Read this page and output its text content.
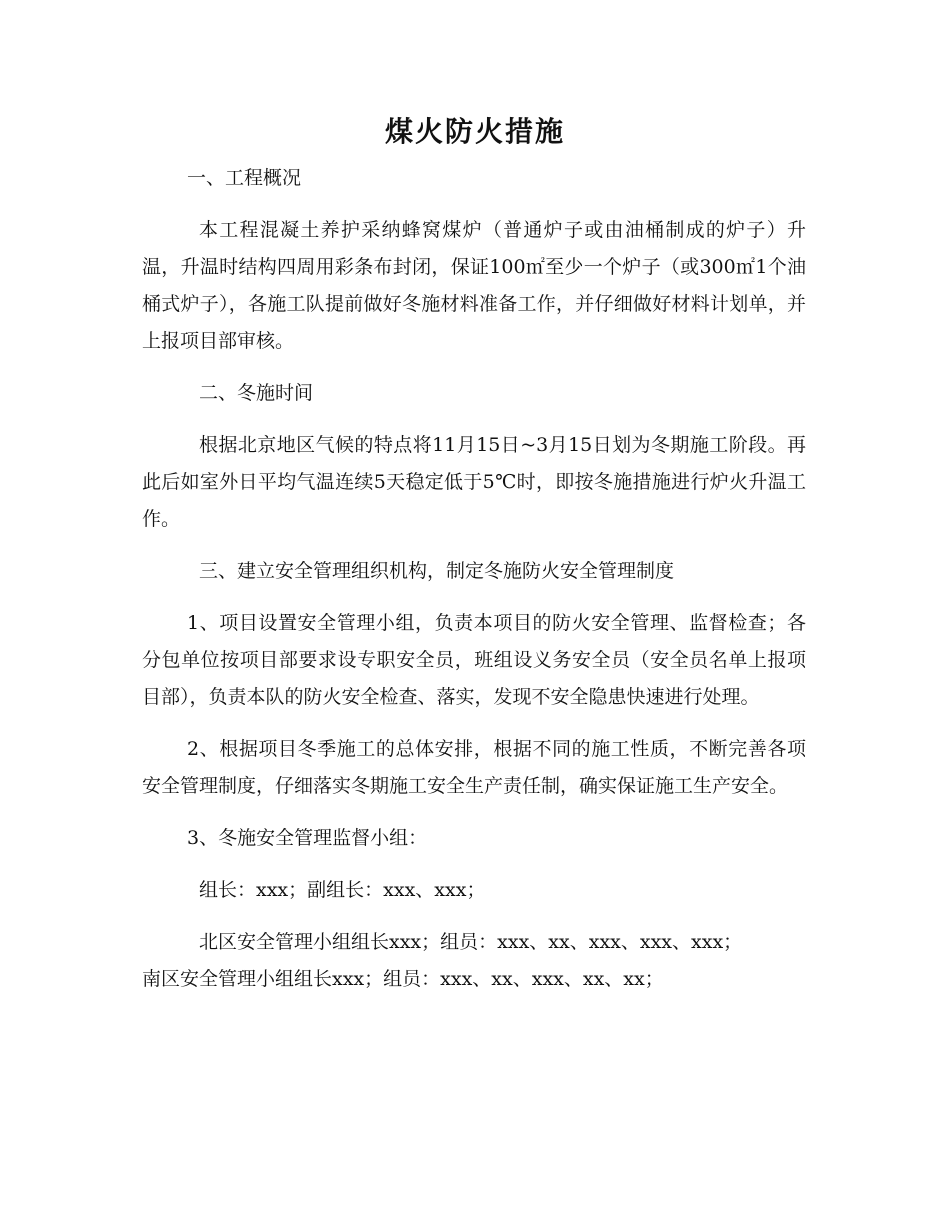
煤火防火措施

一、工程概况

本工程混凝土养护采纳蜂窝煤炉（普通炉子或由油桶制成的炉子）升温，升温时结构四周用彩条布封闭，保证100㎡至少一个炉子（或300㎡1个油桶式炉子），各施工队提前做好冬施材料准备工作，并仔细做好材料计划单，并上报项目部审核。

二、冬施时间

根据北京地区气候的特点将11月15日~3月15日划为冬期施工阶段。再此后如室外日平均气温连续5天稳定低于5℃时，即按冬施措施进行炉火升温工作。

三、建立安全管理组织机构，制定冬施防火安全管理制度

1、项目设置安全管理小组，负责本项目的防火安全管理、监督检查；各分包单位按项目部要求设专职安全员，班组设义务安全员（安全员名单上报项目部），负责本队的防火安全检查、落实，发现不安全隐患快速进行处理。

2、根据项目冬季施工的总体安排，根据不同的施工性质，不断完善各项安全管理制度，仔细落实冬期施工安全生产责任制，确实保证施工生产安全。

3、冬施安全管理监督小组：

组长：xxx；副组长：xxx、xxx；

北区安全管理小组组长xxx；组员：xxx、xx、xxx、xxx、xxx；

南区安全管理小组组长xxx；组员：xxx、xx、xxx、xx、xx；
